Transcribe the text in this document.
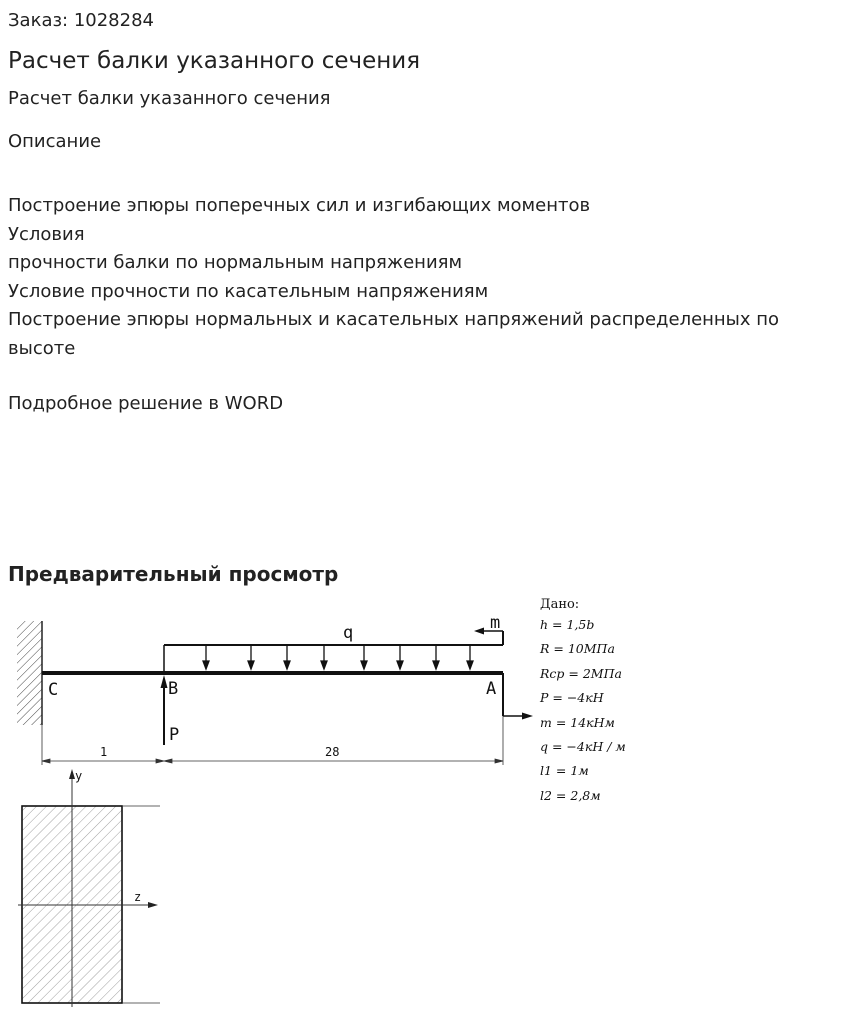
Заказ: 1028284
Расчет балки указанного сечения
Расчет балки указанного сечения
Описание
Построение эпюры поперечных сил и изгибающих моментов
Условия
прочности балки по нормальным напряжениям
Условие прочности по касательным напряжениям
Построение эпюры нормальных и касательных напряжений распределенных по
высоте
Подробное решение в WORD
Предварительный просмотр
q	m
P
C	B	A
1	28
y
z
Дано:
h = 1,5b
R = 10МПа
Rср = 2МПа
P = −4кН
m = 14кНм
q = −4кН / м
l1 = 1м
l2 = 2,8м
